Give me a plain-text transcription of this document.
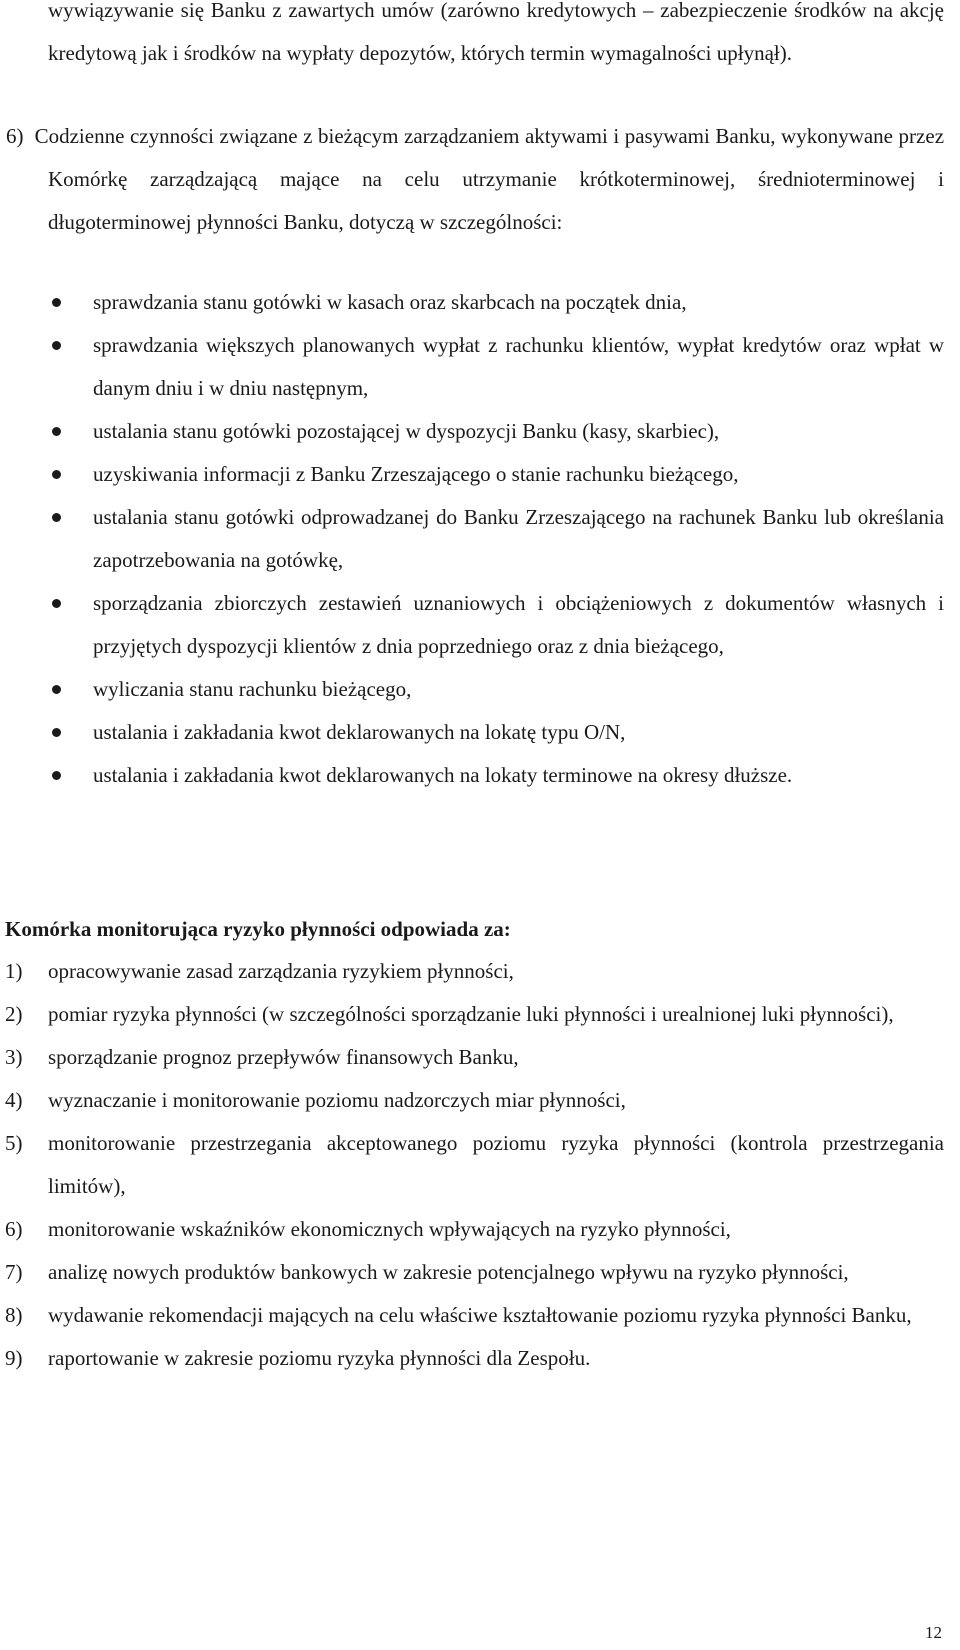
wywiązywanie się Banku z zawartych umów (zarówno kredytowych – zabezpieczenie środków na akcję kredytową jak i środków na wypłaty depozytów, których termin wymagalności upłynął).

6) Codzienne czynności związane z bieżącym zarządzaniem aktywami i pasywami Banku, wykonywane przez Komórkę zarządzającą mające na celu utrzymanie krótkoterminowej, średnioterminowej i długoterminowej płynności Banku, dotyczą w szczególności:

sprawdzania stanu gotówki w kasach oraz skarbcach na początek dnia,
sprawdzania większych planowanych wypłat z rachunku klientów, wypłat kredytów oraz wpłat w danym dniu i w dniu następnym,
ustalania stanu gotówki pozostającej w dyspozycji Banku (kasy, skarbiec),
uzyskiwania informacji z Banku Zrzeszającego o stanie rachunku bieżącego,
ustalania stanu gotówki odprowadzanej do Banku Zrzeszającego na rachunek Banku lub określania zapotrzebowania na gotówkę,
sporządzania zbiorczych zestawień uznaniowych i obciążeniowych z dokumentów własnych i przyjętych dyspozycji klientów z dnia poprzedniego oraz z dnia bieżącego,
wyliczania stanu rachunku bieżącego,
ustalania i zakładania kwot deklarowanych na lokatę typu O/N,
ustalania i zakładania kwot deklarowanych na lokaty terminowe na okresy dłuższe.

Komórka monitorująca ryzyko płynności odpowiada za:

1) opracowywanie zasad zarządzania ryzykiem płynności,
2) pomiar ryzyka płynności (w szczególności sporządzanie luki płynności i urealnionej luki płynności),
3) sporządzanie prognoz przepływów finansowych Banku,
4) wyznaczanie i monitorowanie poziomu nadzorczych miar płynności,
5) monitorowanie przestrzegania akceptowanego poziomu ryzyka płynności (kontrola przestrzegania limitów),
6) monitorowanie wskaźników ekonomicznych wpływających na ryzyko płynności,
7) analizę nowych produktów bankowych w zakresie potencjalnego wpływu na ryzyko płynności,
8) wydawanie rekomendacji mających na celu właściwe kształtowanie poziomu ryzyka płynności Banku,
9) raportowanie w zakresie poziomu ryzyka płynności dla Zespołu.
12
